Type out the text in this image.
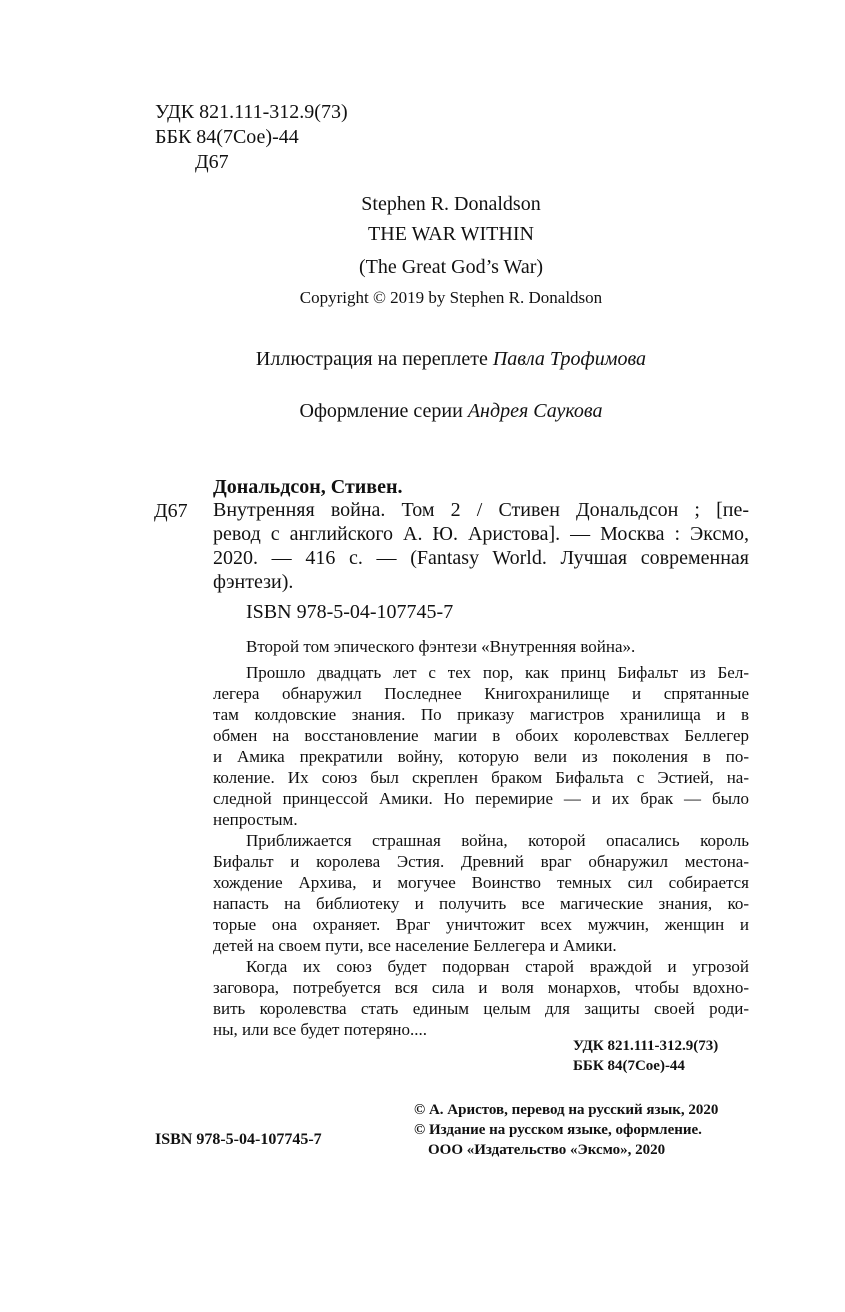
УДК 821.111-312.9(73)
ББК 84(7Сое)-44
Д67
Stephen R. Donaldson
THE WAR WITHIN
(The Great God’s War)
Copyright © 2019 by Stephen R. Donaldson
Иллюстрация на переплете Павла Трофимова
Оформление серии Андрея Саукова
Дональдсон, Стивен.
Д67 Внутренняя война. Том 2 / Стивен Дональдсон ; [пе-
ревод с английского А. Ю. Аристова]. — Москва : Эксмо,
2020. — 416 с. — (Fantasy World. Лучшая современная
фэнтези).
ISBN 978-5-04-107745-7
Второй том эпического фэнтези «Внутренняя война».
Прошло двадцать лет с тех пор, как принц Бифальт из Бел-
легера обнаружил Последнее Книгохранилище и спрятанные
там колдовские знания. По приказу магистров хранилища и в
обмен на восстановление магии в обоих королевствах Беллегер
и Амика прекратили войну, которую вели из поколения в по-
коление. Их союз был скреплен браком Бифальта с Эстией, на-
следной принцессой Амики. Но перемирие — и их брак — было
непростым.
Приближается страшная война, которой опасались король
Бифальт и королева Эстия. Древний враг обнаружил местона-
хождение Архива, и могучее Воинство темных сил собирается
напасть на библиотеку и получить все магические знания, ко-
торые она охраняет. Враг уничтожит всех мужчин, женщин и
детей на своем пути, все население Беллегера и Амики.
Когда их союз будет подорван старой враждой и угрозой
заговора, потребуется вся сила и воля монархов, чтобы вдохно-
вить королевства стать единым целым для защиты своей роди-
ны, или все будет потеряно....
УДК 821.111-312.9(73)
ББК 84(7Сое)-44
ISBN 978-5-04-107745-7
© А. Аристов, перевод на русский язык, 2020
© Издание на русском языке, оформление.
ООО «Издательство «Эксмо», 2020
